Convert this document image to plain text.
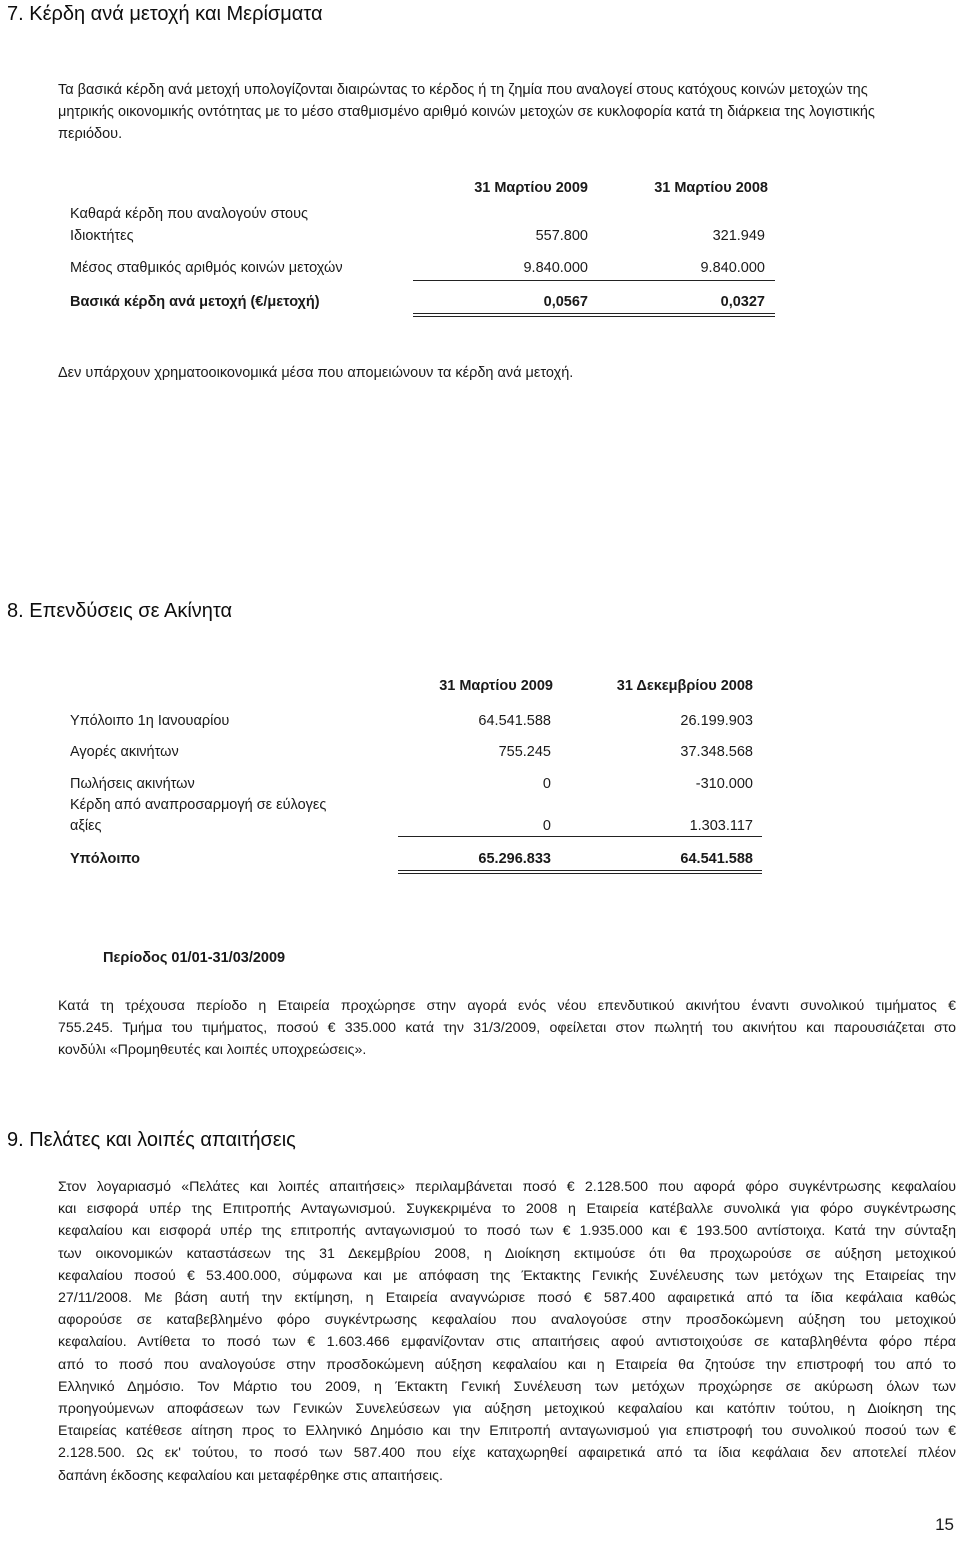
7. Κέρδη ανά μετοχή και Μερίσματα
Τα βασικά κέρδη ανά μετοχή υπολογίζονται διαιρώντας το κέρδος ή τη ζημία που αναλογεί στους κατόχους κοινών μετοχών της
μητρικής οικονομικής οντότητας με το μέσο σταθμισμένο αριθμό κοινών μετοχών σε κυκλοφορία κατά τη διάρκεια της λογιστικής
περιόδου.
31 Μαρτίου 2009	31 Μαρτίου 2008
Καθαρά κέρδη που αναλογούν στους
Ιδιοκτήτες	557.800	321.949
Μέσος σταθμικός αριθμός κοινών μετοχών	9.840.000	9.840.000
Βασικά κέρδη ανά μετοχή (€/μετοχή)	0,0567	0,0327
Δεν υπάρχουν χρηματοοικονομικά μέσα που απομειώνουν τα κέρδη ανά μετοχή.
8. Επενδύσεις σε Ακίνητα
31 Μαρτίου 2009	31 Δεκεμβρίου 2008
Υπόλοιπο 1η Ιανουαρίου	64.541.588	26.199.903
Αγορές ακινήτων	755.245	37.348.568
Πωλήσεις ακινήτων	0	-310.000
Κέρδη από αναπροσαρμογή σε εύλογες
αξίες	0	1.303.117
Υπόλοιπο	65.296.833	64.541.588
Περίοδος 01/01-31/03/2009
Κατά τη τρέχουσα περίοδο η Εταιρεία προχώρησε στην αγορά ενός νέου επενδυτικού ακινήτου έναντι συνολικού τιμήματος €
755.245. Τμήμα του τιμήματος, ποσού € 335.000 κατά την 31/3/2009, οφείλεται στον πωλητή του ακινήτου και παρουσιάζεται στο
κονδύλι «Προμηθευτές και λοιπές υποχρεώσεις».
9. Πελάτες και λοιπές απαιτήσεις
Στον λογαριασμό «Πελάτες και λοιπές απαιτήσεις» περιλαμβάνεται ποσό € 2.128.500 που αφορά φόρο συγκέντρωσης κεφαλαίου
και εισφορά υπέρ της Επιτροπής Ανταγωνισμού. Συγκεκριμένα το 2008 η Εταιρεία κατέβαλλε συνολικά για φόρο συγκέντρωσης
κεφαλαίου και εισφορά υπέρ της επιτροπής ανταγωνισμού το ποσό των € 1.935.000 και € 193.500 αντίστοιχα. Κατά την σύνταξη
των οικονομικών καταστάσεων της 31 Δεκεμβρίου 2008, η Διοίκηση εκτιμούσε ότι θα προχωρούσε σε αύξηση μετοχικού
κεφαλαίου ποσού € 53.400.000, σύμφωνα και με απόφαση της Έκτακτης Γενικής Συνέλευσης των μετόχων της Εταιρείας την
27/11/2008. Με βάση αυτή την εκτίμηση, η Εταιρεία αναγνώρισε ποσό € 587.400 αφαιρετικά από τα ίδια κεφάλαια καθώς
αφορούσε σε καταβεβλημένο φόρο συγκέντρωσης κεφαλαίου που αναλογούσε στην προσδοκώμενη αύξηση του μετοχικού
κεφαλαίου. Αντίθετα το ποσό των € 1.603.466 εμφανίζονταν στις απαιτήσεις αφού αντιστοιχούσε σε καταβληθέντα φόρο πέρα
από το ποσό που αναλογούσε στην προσδοκώμενη αύξηση κεφαλαίου και η Εταιρεία θα ζητούσε την επιστροφή του από το
Ελληνικό Δημόσιο. Τον Μάρτιο του 2009, η Έκτακτη Γενική Συνέλευση των μετόχων προχώρησε σε ακύρωση όλων των
προηγούμενων αποφάσεων των Γενικών Συνελεύσεων για αύξηση μετοχικού κεφαλαίου και κατόπιν τούτου, η Διοίκηση της
Εταιρείας κατέθεσε αίτηση προς το Ελληνικό Δημόσιο και την Επιτροπή ανταγωνισμού για επιστροφή του συνολικού ποσού των €
2.128.500. Ως εκ' τούτου, το ποσό των 587.400 που είχε καταχωρηθεί αφαιρετικά από τα ίδια κεφάλαια δεν αποτελεί πλέον
δαπάνη έκδοσης κεφαλαίου και μεταφέρθηκε στις απαιτήσεις.
15
